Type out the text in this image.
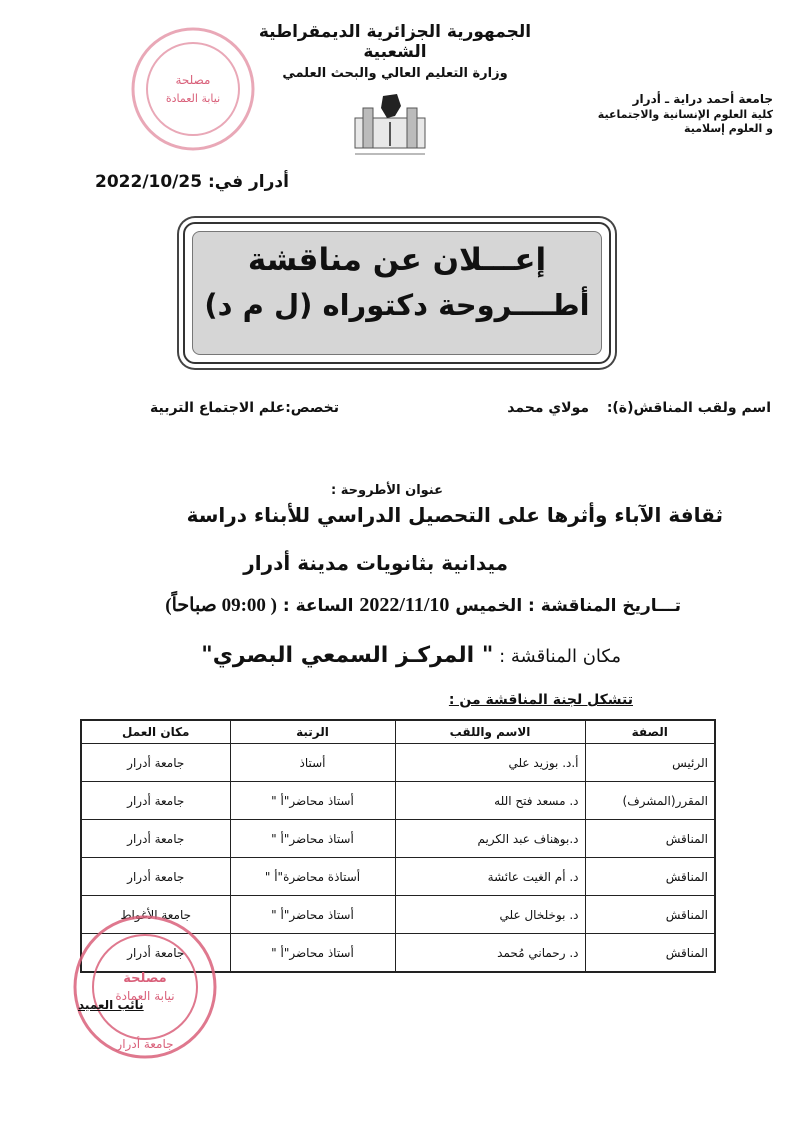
مصلحة
نيابة العمادة
الجمهورية الجزائرية الديمقراطية الشعبية
وزارة التعليم العالي والبحث العلمي
جامعة أحمد دراية ـ أدرار
كلية العلوم الإنسانية والاجتماعية
و العلوم إسلامية
أدرار في: 2022/10/25
إعـــلان عن مناقشة
أطــــروحة دكتوراه (ل م د)
اسم ولقب المناقش(ة):  مولاي محمد
تخصص:علم الاجتماع التربية
عنوان الأطروحة :
ثقافة الآباء وأثرها على التحصيل الدراسي للأبناء دراسة
ميدانية بثانويات مدينة أدرار
تـــاريخ المناقشة : الخميس 2022/11/10 الساعة : ( 09:00 صباحاً)
مكان المناقشة : " المركـز السمعي البصري"
تتشكل لجنة المناقشة من :
الصفة	الاسم واللقب	الرتبة	مكان العمل
الرئيس	أ.د. بوزيد علي	أستاذ	جامعة أدرار
المقرر(المشرف)	د. مسعد فتح الله	أستاذ محاضر"أ "	جامعة أدرار
المناقش	د.بوهناف عبد الكريم	أستاذ محاضر"أ "	جامعة أدرار
المناقش	د. أم الغيت عائشة	أستاذة محاضرة"أ "	جامعة أدرار
المناقش	د. بوخلخال علي	أستاذ محاضر"أ "	جامعة الأغواط
المناقش	د. رحماني مُحمد	أستاذ محاضر"أ "	جامعة أدرار
مصلحة
نيابة العمادة
جامعة أدرار
نائب العميد
